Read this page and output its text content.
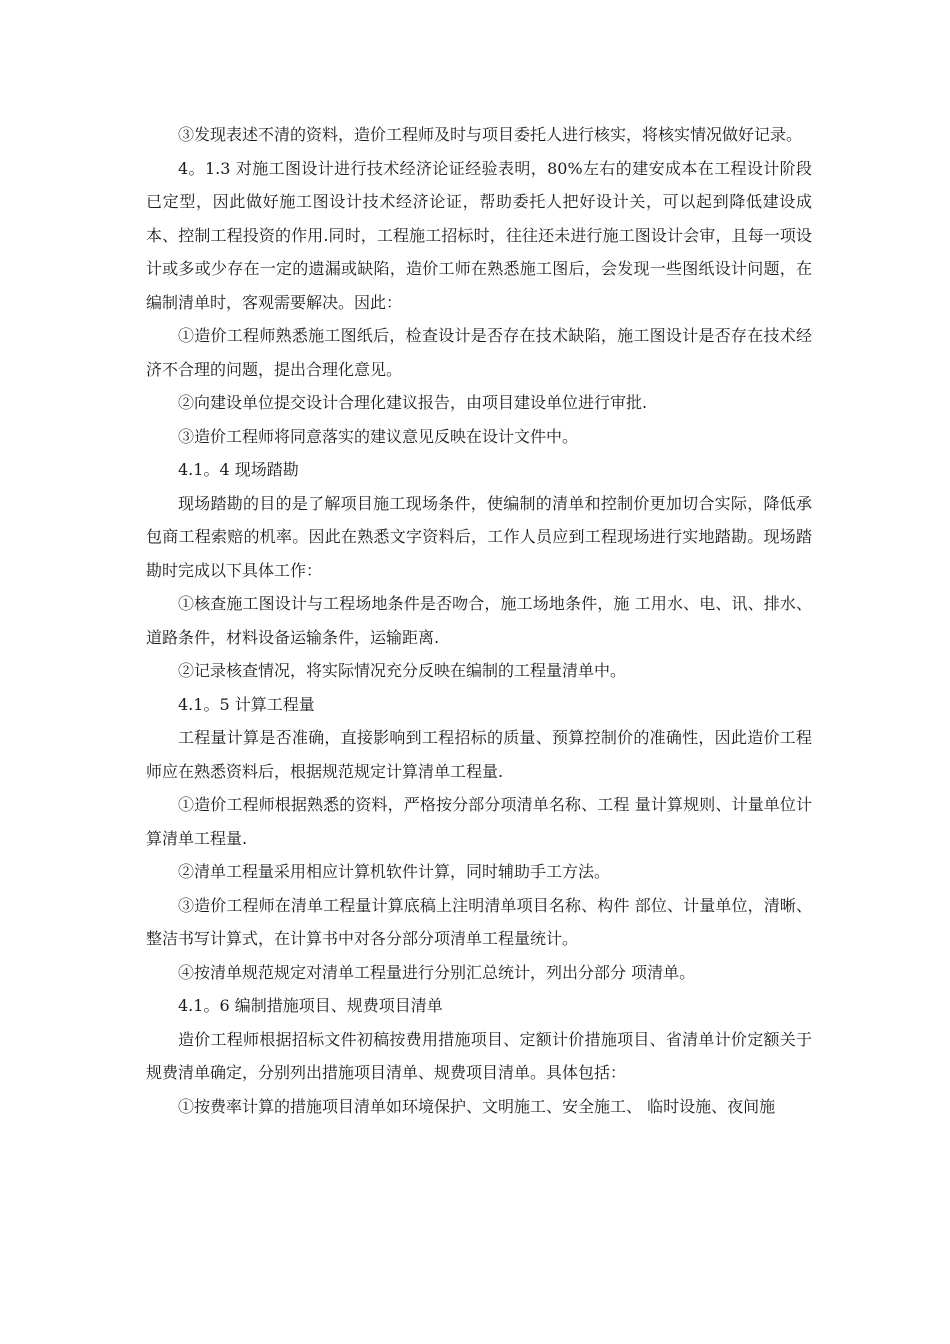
③发现表述不清的资料，造价工程师及时与项目委托人进行核实，将核实情况做好记录。

4。1.3 对施工图设计进行技术经济论证经验表明，80%左右的建安成本在工程设计阶段已定型，因此做好施工图设计技术经济论证，帮助委托人把好设计关，可以起到降低建设成本、控制工程投资的作用.同时，工程施工招标时，往往还未进行施工图设计会审，且每一项设计或多或少存在一定的遗漏或缺陷，造价工师在熟悉施工图后，会发现一些图纸设计问题，在编制清单时，客观需要解决。因此：

①造价工程师熟悉施工图纸后，检查设计是否存在技术缺陷，施工图设计是否存在技术经济不合理的问题，提出合理化意见。

②向建设单位提交设计合理化建议报告，由项目建设单位进行审批.

③造价工程师将同意落实的建议意见反映在设计文件中。

4.1。4 现场踏勘

现场踏勘的目的是了解项目施工现场条件，使编制的清单和控制价更加切合实际，降低承包商工程索赔的机率。因此在熟悉文字资料后，工作人员应到工程现场进行实地踏勘。现场踏勘时完成以下具体工作：

①核查施工图设计与工程场地条件是否吻合，施工场地条件，施 工用水、电、讯、排水、道路条件，材料设备运输条件，运输距离.

②记录核查情况，将实际情况充分反映在编制的工程量清单中。

4.1。5 计算工程量

工程量计算是否准确，直接影响到工程招标的质量、预算控制价的准确性，因此造价工程师应在熟悉资料后，根据规范规定计算清单工程量.

①造价工程师根据熟悉的资料，严格按分部分项清单名称、工程 量计算规则、计量单位计算清单工程量.

②清单工程量采用相应计算机软件计算，同时辅助手工方法。

③造价工程师在清单工程量计算底稿上注明清单项目名称、构件 部位、计量单位，清晰、整洁书写计算式，在计算书中对各分部分项清单工程量统计。

④按清单规范规定对清单工程量进行分别汇总统计，列出分部分 项清单。

4.1。6 编制措施项目、规费项目清单

造价工程师根据招标文件初稿按费用措施项目、定额计价措施项目、省清单计价定额关于规费清单确定，分别列出措施项目清单、规费项目清单。具体包括：

①按费率计算的措施项目清单如环境保护、文明施工、安全施工、 临时设施、夜间施
